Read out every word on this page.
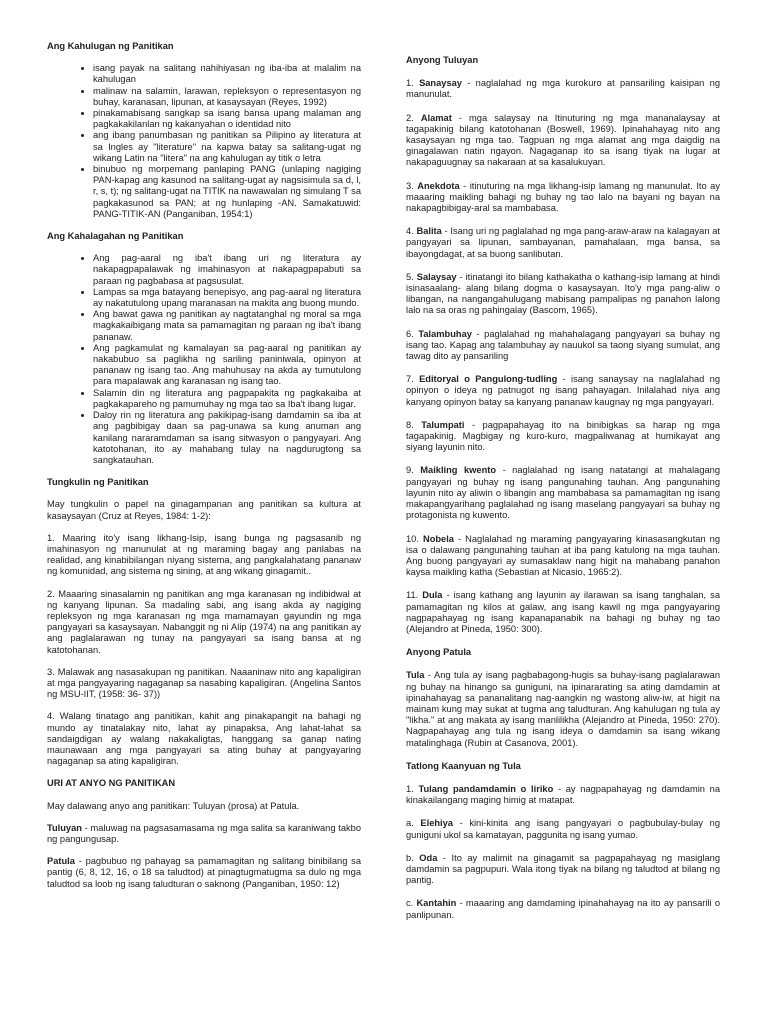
Ang Kahulugan ng Panitikan

• isang payak na salitang nahihiyasan ng iba-iba at malalim na kahulugan
• malinaw na salamin, larawan, repleksyon o representasyon ng buhay, karanasan, lipunan, at kasaysayan (Reyes, 1992)
• pinakamabisang sangkap sa isang bansa upang malaman ang pagkakakilanlan ng kakanyahan o identidad nito
• ang ibang panumbasan ng panitikan sa Pilipino ay literatura at sa Ingles ay "literature" na kapwa batay sa salitang-ugat ng wikang Latin na "litera" na ang kahulugan ay titik o letra
• binubuo ng morpemang panlaping PANG (unlaping nagiging PAN-kapag ang kasunod na salitang-ugat ay nagsisimula sa d, l, r, s, t); ng salitang-ugat na TITIK na nawawalan ng simulang T sa pagkakasunod sa PAN; at ng hunlaping -AN. Samakatuwid: PANG-TITIK-AN (Panganiban, 1954:1)

Ang Kahalagahan ng Panitikan

• Ang pag-aaral ng iba't ibang uri ng literatura ay nakapagpapalawak ng imahinasyon at nakapagpapabuti sa paraan ng pagbabasa at pagsusulat.
• Lampas sa mga batayang benepisyo, ang pag-aaral ng literatura ay nakatutulong upang maranasan na makita ang buong mundo.
• Ang bawat gawa ng panitikan ay nagtatanghal ng moral sa mga magkakaibigang mata sa pamamagitan ng paraan ng iba't ibang pananaw.
• Ang pagkamulat ng kamalayan sa pag-aaral ng panitikan ay nakabubuo sa paglikha ng sariling paniniwala, opinyon at pananaw ng isang tao. Ang mahuhusay na akda ay tumutulong para mapalawak ang karanasan ng isang tao.
• Salamin din ng literatura ang pagpapakita ng pagkakaiba at pagkakapareho ng pamumuhay ng mga tao sa Iba't ibang lugar.
• Daloy rin ng literatura ang pakikipag-isang damdamin sa iba at ang pagbibigay daan sa pag-unawa sa kung anuman ang kanilang nararamdaman sa isang sitwasyon o pangyayari. Ang katotohanan, ito ay mahabang tulay na nagdurugtong sa sangkatauhan.

Tungkulin ng Panitikan

May tungkulin o papel na ginagampanan ang panitikan sa kultura at kasaysayan (Cruz at Reyes, 1984: 1-2):

1. Maaring ito'y isang likhang-Isip, isang bunga ng pagsasanib ng imahinasyon ng manunulat at ng maraming bagay ang panlabas na realidad, ang kinabibilangan niyang sistema, ang pangkalahatang pananaw ng komunidad, ang sistema ng sining, at ang wikang ginagamit..

2. Maaaring sinasalamin ng panitikan ang mga karanasan ng indibidwal at ng kanyang lipunan. Sa madaling sabi, ang isang akda ay nagiging repleksyon ng mga karanasan ng mga mamamayan gayundin ng mga pangyayari sa kasaysayan. Nabanggit ng ni Alip (1974) na ang panitikan ay ang paglalarawan ng tunay na pangyayari sa isang bansa at ng katotohanan.

3. Malawak ang nasasakupan ng panitikan. Naaaninaw nito ang kapaligiran at mga pangyayaring nagaganap sa nasabing kapaligiran. (Angelina Santos ng MSU-IIT, (1958: 36- 37))

4. Walang tinatago ang panitikan, kahit ang pinakapangit na bahagi ng mundo ay tinatalakay nito, lahat ay pinapaksa, Ang lahat-lahat sa sandaigdigan ay walang nakakaligtas, hanggang sa ganap nating maunawaan ang mga pangyayari sa ating buhay at pangyayaring nagaganap sa ating kapaligiran.

URI AT ANYO NG PANITIKAN

May dalawang anyo ang panitikan: Tuluyan (prosa) at Patula.

Tuluyan - maluwag na pagsasamasama ng mga salita sa karaniwang takbo ng pangungusap.

Patula - pagbubuo ng pahayag sa pamamagitan ng salitang binibilang sa pantig (6, 8, 12, 16, o 18 sa taludtod) at pinagtugmatugma sa dulo ng mga taludtod sa loob ng isang taludturan o saknong (Panganiban, 1950: 12)

Anyong Tuluyan

1. Sanaysay - naglalahad ng mga kurokuro at pansariling kaisipan ng manunulat.

2. Alamat - mga salaysay na Itinuturing ng mga mananalaysay at tagapakinig bilang katotohanan (Boswell, 1969). Ipinahahayag nito ang kasaysayan ng mga tao. Tagpuan ng mga alamat ang mga daigdig na ginagalawan natin ngayon. Nagaganap ito sa isang tiyak na lugar at nakapaguugnay sa nakaraan at sa kasalukuyan.

3. Anekdota - itinuturing na mga likhang-isip lamang ng manunulat. Ito ay maaaring maikling bahagi ng buhay ng tao lalo na bayani ng bayan na nakapagbibigay-aral sa mambabasa.

4. Balita - Isang uri ng paglalahad ng mga pang-araw-araw na kalagayan at pangyayari sa lipunan, sambayanan, pamahalaan, mga bansa, sa ibayongdagat, at sa buong sanlibutan.

5. Salaysay - itinatangi ito bilang kathakatha o kathang-isip lamang at hindi isinasaalang- alang bilang dogma o kasaysayan. Ito'y mga pang-aliw o libangan, na nangangahulugang mabisang pampalipas ng panahon lalong lalo na sa oras ng pahingalay (Bascom, 1965).

6. Talambuhay - paglalahad ng mahahalagang pangyayari sa buhay ng isang tao. Kapag ang talambuhay ay nauukol sa taong siyang sumulat, ang tawag dito ay pansariling

7. Editoryal o Pangulong-tudling - isang sanaysay na naglalahad ng opinyon o ideya ng patnugot ng isang pahayagan. Inilalahad niya ang kanyang opinyon batay sa kanyang pananaw kaugnay ng mga pangyayari.

8. Talumpati - pagpapahayag ito na binibigkas sa harap ng mga tagapakinig. Magbigay ng kuro-kuro, magpaliwanag at humikayat ang siyang layunin nito.

9. Maikling kwento - naglalahad ng isang natatangi at mahalagang pangyayari ng buhay ng isang pangunahing tauhan. Ang pangunahing layunin nito ay aliwin o libangin ang mambabasa sa pamamagitan ng isang makapangyarihang paglalahad ng isang maselang pangyayari sa buhay ng protagonista ng kuwento.

10. Nobela - Naglalahad ng maraming pangyayaring kinasasangkutan ng isa o dalawang pangunahing tauhan at iba pang katulong na mga tauhan. Ang buong pangyayari ay sumasaklaw nang higit na mahabang panahon kaysa maikling katha (Sebastian at Nicasio, 1965:2).

11. Dula - isang kathang ang layunin ay ilarawan sa isang tanghalan, sa pamamagitan ng kilos at galaw, ang isang kawil ng mga pangyayaring nagpapahayag ng isang kapanapanabik na bahagi ng buhay ng tao (Alejandro at Pineda, 1950: 300).

Anyong Patula

Tula - Ang tula ay isang pagbabagong-hugis sa buhay-isang paglalarawan ng buhay na hinango sa guniguni, na ipinararating sa ating damdamin at ipinahahayag sa pananalitang nag-aangkin ng wastong aliw-iw, at higit na mainam kung may sukat at tugma ang taludturan. Ang kahulugan ng tula ay "likha." at ang makata ay isang manlilikha (Alejandro at Pineda, 1950: 270). Nagpapahayag ang tula ng isang ideya o damdamin sa isang wikang matalinghaga (Rubin at Casanova, 2001).

Tatlong Kaanyuan ng Tula

1. Tulang pandamdamin o liriko - ay nagpapahayag ng damdamin na kinakailangang maging himig at matapat.

a. Elehiya - kini-kinita ang isang pangyayari o pagbubulay-bulay ng guniguni ukol sa kamatayan, paggunita ng isang yumao.

b. Oda - Ito ay malimit na ginagamit sa pagpapahayag ng masiglang damdamin sa pagpupuri. Wala itong tiyak na bilang ng taludtod at bilang ng pantig.

c. Kantahin - maaaring ang damdaming ipinahahayag na ito ay pansarili o panlipunan.
